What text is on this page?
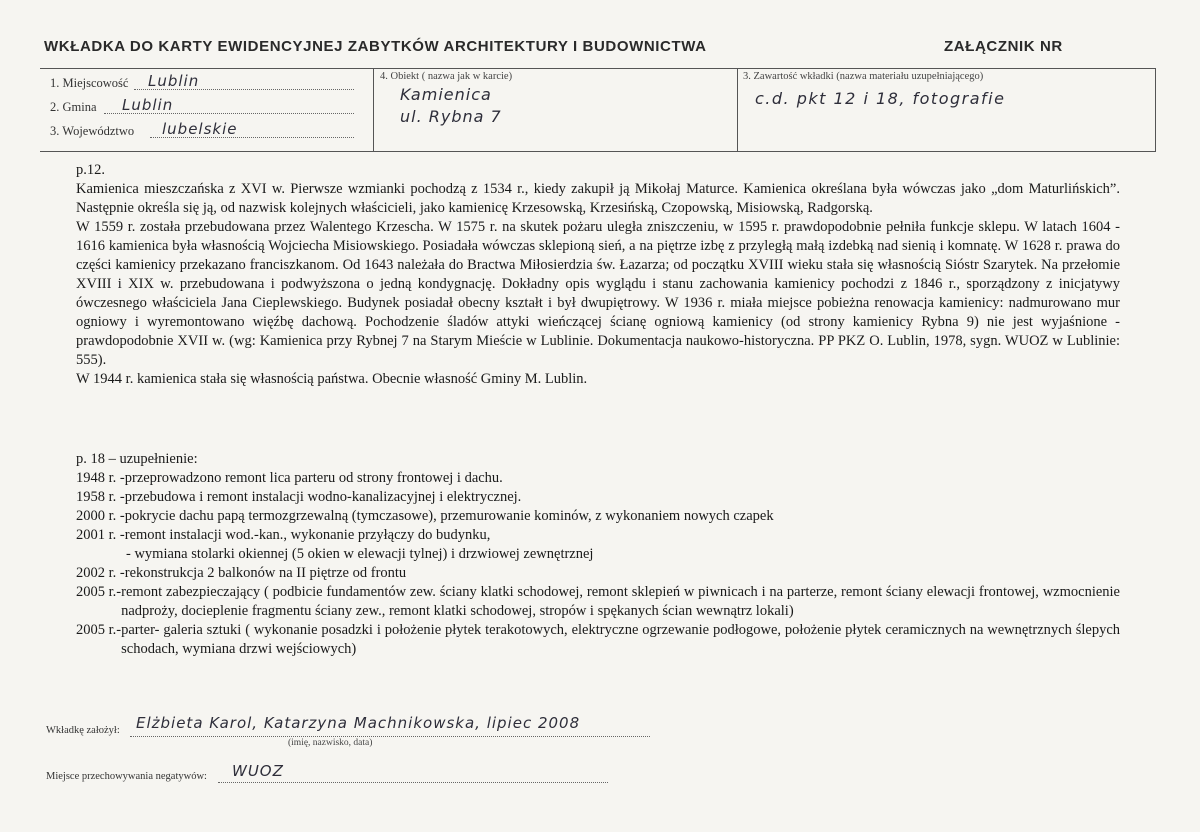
WKŁADKA DO KARTY EWIDENCYJNEJ ZABYTKÓW ARCHITEKTURY I BUDOWNICTWA	ZAŁĄCZNIK NR
1. Miejscowość Lublin
2. Gmina Lublin
3. Województwo lubelskie
4. Obiekt ( nazwa jak w karcie)
Kamienica
ul. Rybna 7
3. Zawartość wkładki (nazwa materiału uzupełniającego)
c.d. pkt 12 i 18, fotografie

p.12.

Kamienica mieszczańska z XVI w. Pierwsze wzmianki pochodzą z 1534 r., kiedy zakupił ją Mikołaj Maturce. Kamienica określana była wówczas jako „dom Maturlińskich”. Następnie określa się ją, od nazwisk kolejnych właścicieli, jako kamienicę Krzesowską, Krzesińską, Czopowską, Misiowską, Radgorską.

W 1559 r. została przebudowana przez Walentego Krzescha. W 1575 r. na skutek pożaru uległa zniszczeniu, w 1595 r. prawdopodobnie pełniła funkcje sklepu. W latach 1604 - 1616 kamienica była własnością Wojciecha Misiowskiego. Posiadała wówczas sklepioną sień, a na piętrze izbę z przyległą małą izdebką nad sienią i komnatę. W 1628 r. prawa do części kamienicy przekazano franciszkanom. Od 1643 należała do Bractwa Miłosierdzia św. Łazarza; od początku XVIII wieku stała się własnością Sióstr Szarytek. Na przełomie XVIII i XIX w. przebudowana i podwyższona o jedną kondygnację. Dokładny opis wyglądu i stanu zachowania kamienicy pochodzi z 1846 r., sporządzony z inicjatywy ówczesnego właściciela Jana Cieplewskiego. Budynek posiadał obecny kształt i był dwupiętrowy. W 1936 r. miała miejsce pobieżna renowacja kamienicy: nadmurowano mur ogniowy i wyremontowano więźbę dachową. Pochodzenie śladów attyki wieńczącej ścianę ogniową kamienicy (od strony kamienicy Rybna 9) nie jest wyjaśnione - prawdopodobnie XVII w. (wg: Kamienica przy Rybnej 7 na Starym Mieście w Lublinie. Dokumentacja naukowo-historyczna. PP PKZ O. Lublin, 1978, sygn. WUOZ w Lublinie: 555).

W 1944 r. kamienica stała się własnością państwa. Obecnie własność Gminy M. Lublin.

p. 18 – uzupełnienie:
1948 r. - przeprowadzono remont lica parteru od strony frontowej i dachu.
1958 r. - przebudowa i remont instalacji wodno-kanalizacyjnej i elektrycznej.
2000 r. - pokrycie dachu papą termozgrzewalną (tymczasowe), przemurowanie kominów, z wykonaniem nowych czapek
2001 r. - remont instalacji wod.-kan., wykonanie przyłączy do budynku,
- wymiana stolarki okiennej (5 okien w elewacji tylnej) i drzwiowej zewnętrznej
2002 r. - rekonstrukcja 2 balkonów na II piętrze od frontu
2005 r.- remont zabezpieczający ( podbicie fundamentów zew. ściany klatki schodowej, remont sklepień w piwnicach i na parterze, remont ściany elewacji frontowej, wzmocnienie nadproży, docieplenie fragmentu ściany zew., remont klatki schodowej, stropów i spękanych ścian wewnątrz lokali)
2005 r.- parter- galeria sztuki ( wykonanie posadzki i położenie płytek terakotowych, elektryczne ogrzewanie podłogowe, położenie płytek ceramicznych na wewnętrznych ślepych schodach, wymiana drzwi wejściowych)
Wkładkę założył: Elżbieta Karol, Katarzyna Machnikowska, lipiec 2008
(imię, nazwisko, data)
Miejsce przechowywania negatywów: WUOZ
